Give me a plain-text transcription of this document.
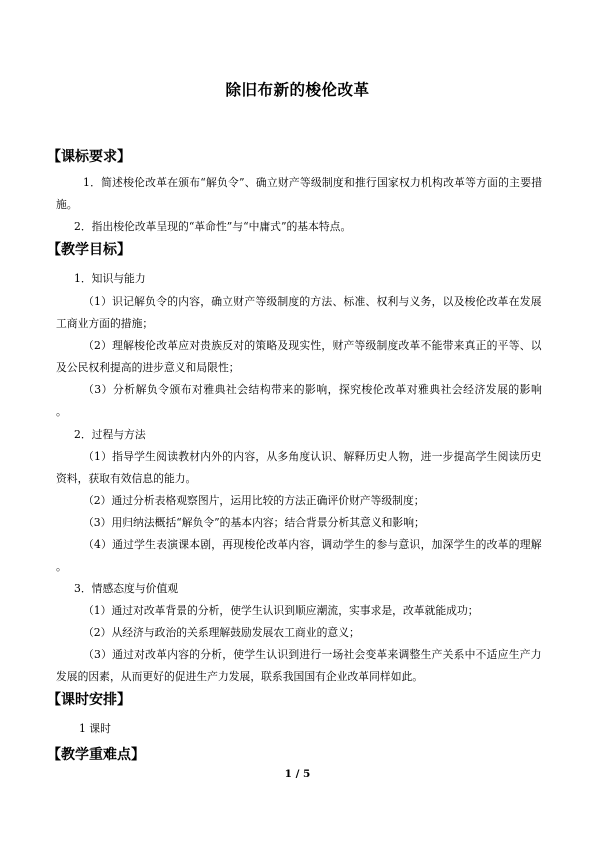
除旧布新的梭伦改革
【课标要求】
1 ． 简 述 梭 伦 改 革 在 颁 布 “ 解 负 令 ” 、 确 立 财 产 等 级 制 度 和 推 行 国 家 权 力 机 构 改 革 等 方 面 的 主 要 措
施。
2．指出梭伦改革呈现的“革命性”与“中庸式”的基本特点。
【教学目标】
1．知识与能力
（ 1 ） 识 记 解 负 令 的 内 容 ， 确 立 财 产 等 级 制 度 的 方 法 、 标 准 、 权 利 与 义 务 ， 以 及 梭 伦 改 革 在 发 展
工商业方面的措施；
（ 2 ） 理 解 梭 伦 改 革 应 对 贵 族 反 对 的 策 略 及 现 实 性 ， 财 产 等 级 制 度 改 革 不 能 带 来 真 正 的 平 等 、 以
及公民权利提高的进步意义和局限性；
（ 3 ） 分 析 解 负 令 颁 布 对 雅 典 社 会 结 构 带 来 的 影 响 ， 探 究 梭 伦 改 革 对 雅 典 社 会 经 济 发 展 的 影 响
。
2．过程与方法
（ 1 ） 指 导 学 生 阅 读 教 材 内 外 的 内 容 ， 从 多 角 度 认 识 、 解 释 历 史 人 物 ， 进 一 步 提 高 学 生 阅 读 历 史
资料，获取有效信息的能力。
（2）通过分析表格观察图片，运用比较的方法正确评价财产等级制度；
（3）用归纳法概括“解负令”的基本内容；结合背景分析其意义和影响；
（ 4 ） 通 过 学 生 表 演 课 本 剧 ， 再 现 梭 伦 改 革 内 容 ， 调 动 学 生 的 参 与 意 识 ， 加 深 学 生 的 改 革 的 理 解
。
3．情感态度与价值观
（1）通过对改革背景的分析，使学生认识到顺应潮流，实事求是，改革就能成功；
（2）从经济与政治的关系理解鼓励发展农工商业的意义；
（ 3 ） 通 过 对 改 革 内 容 的 分 析 ， 使 学 生 认 识 到 进 行 一 场 社 会 变 革 来 调 整 生 产 关 系 中 不 适 应 生 产 力
发展的因素，从而更好的促进生产力发展，联系我国国有企业改革同样如此。
【课时安排】
1 课时
【教学重难点】
1 / 5
